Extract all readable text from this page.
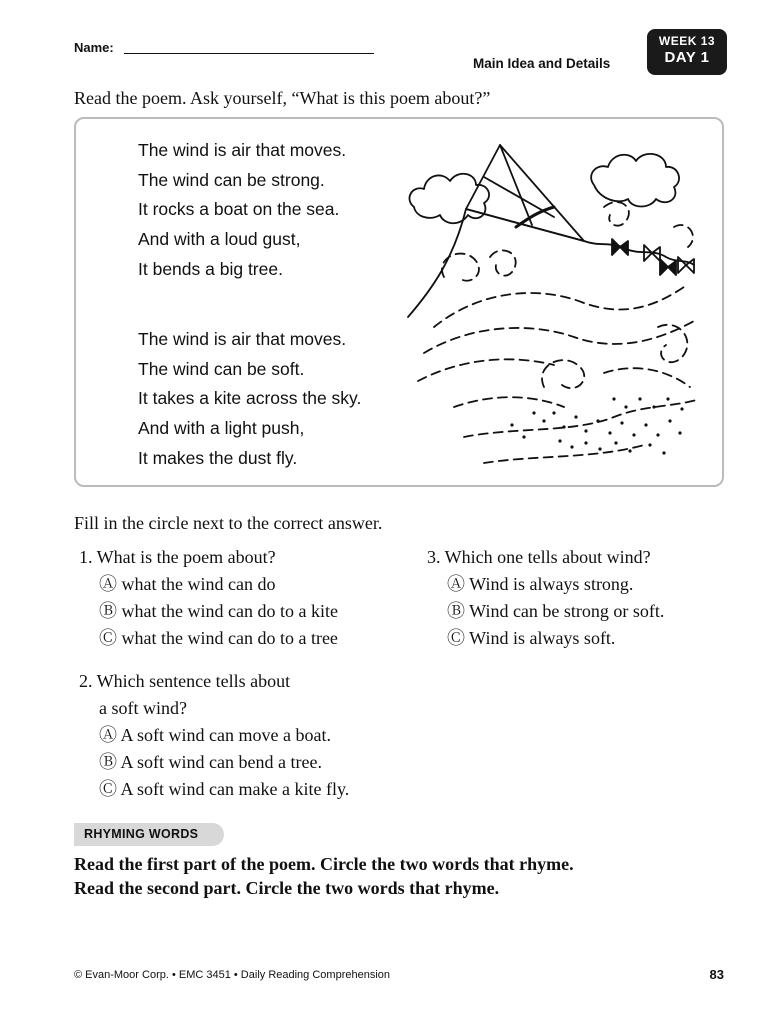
Name:
Main Idea and Details
WEEK 13
DAY 1
Read the poem. Ask yourself, “What is this poem about?”
The wind is air that moves.
The wind can be strong.
It rocks a boat on the sea.
And with a loud gust,
It bends a big tree.
The wind is air that moves.
The wind can be soft.
It takes a kite across the sky.
And with a light push,
It makes the dust fly.
Fill in the circle next to the correct answer.
1. What is the poem about?
Ⓐ what the wind can do
Ⓑ what the wind can do to a kite
Ⓒ what the wind can do to a tree
2. Which sentence tells about
a soft wind?
Ⓐ A soft wind can move a boat.
Ⓑ A soft wind can bend a tree.
Ⓒ A soft wind can make a kite fly.
3. Which one tells about wind?
Ⓐ Wind is always strong.
Ⓑ Wind can be strong or soft.
Ⓒ Wind is always soft.
RHYMING WORDS
Read the first part of the poem. Circle the two words that rhyme.
Read the second part. Circle the two words that rhyme.
© Evan-Moor Corp. • EMC 3451 • Daily Reading Comprehension	83
